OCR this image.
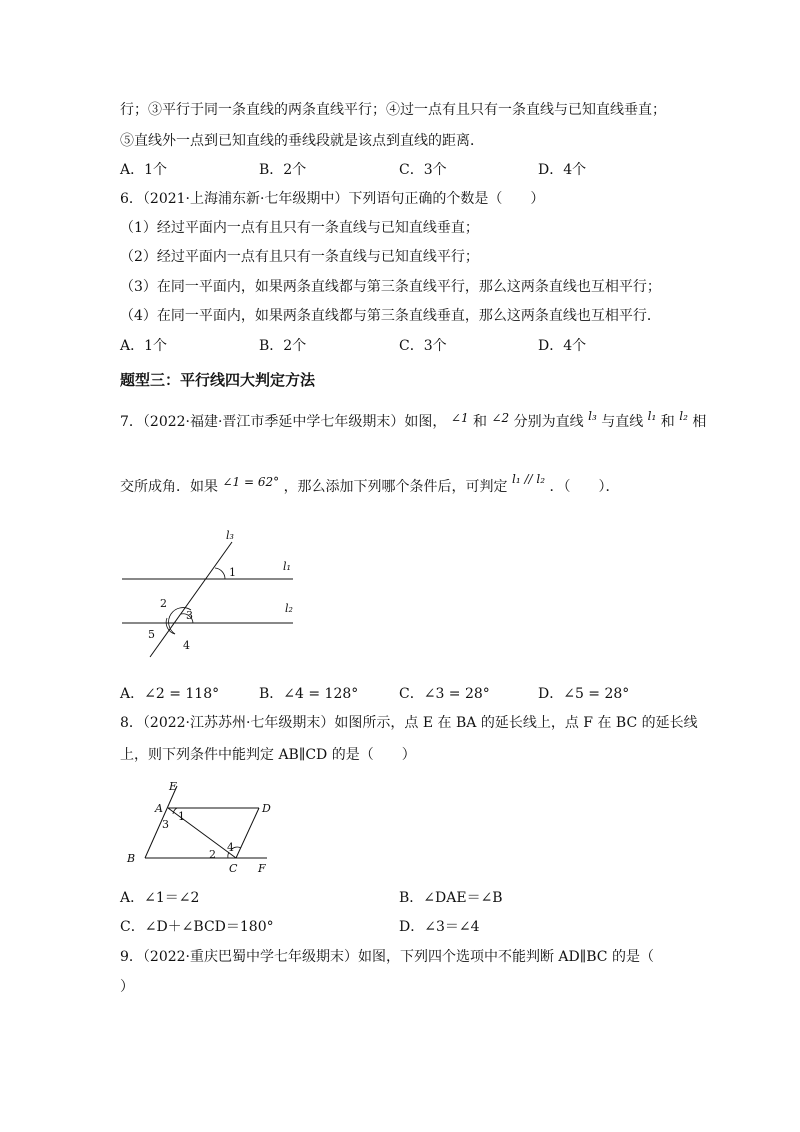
行；③平行于同一条直线的两条直线平行；④过一点有且只有一条直线与已知直线垂直；
⑤直线外一点到已知直线的垂线段就是该点到直线的距离．
A．1个	B．2个	C．3个	D．4个
6．（2021·上海浦东新·七年级期中）下列语句正确的个数是（　　）
（1）经过平面内一点有且只有一条直线与已知直线垂直；
（2）经过平面内一点有且只有一条直线与已知直线平行；
（3）在同一平面内，如果两条直线都与第三条直线平行，那么这两条直线也互相平行；
（4）在同一平面内，如果两条直线都与第三条直线垂直，那么这两条直线也互相平行．
A．1个	B．2个	C．3个	D．4个
题型三：平行线四大判定方法
7．（2022·福建·晋江市季延中学七年级期末）如图， ∠1 和 ∠2 分别为直线 l₃ 与直线 l₁ 和 l₂ 相
交所成角．如果 ∠1 = 62° ，那么添加下列哪个条件后，可判定 l₁ // l₂ ．（　　）．
l₃
l₁
l₂
1
2
3
4
5
A．∠2 = 118°	B．∠4 = 128°	C．∠3 = 28°	D．∠5 = 28°
8．（2022·江苏苏州·七年级期末）如图所示，点 E 在 BA 的延长线上，点 F 在 BC 的延长线
上，则下列条件中能判定 AB∥CD 的是（　　）
E
A	D
B
C F
1
3
2
4
A．∠1＝∠2	B．∠DAE＝∠B
C．∠D＋∠BCD＝180°	D．∠3＝∠4
9．（2022·重庆巴蜀中学七年级期末）如图，下列四个选项中不能判断 AD∥BC 的是（
）
